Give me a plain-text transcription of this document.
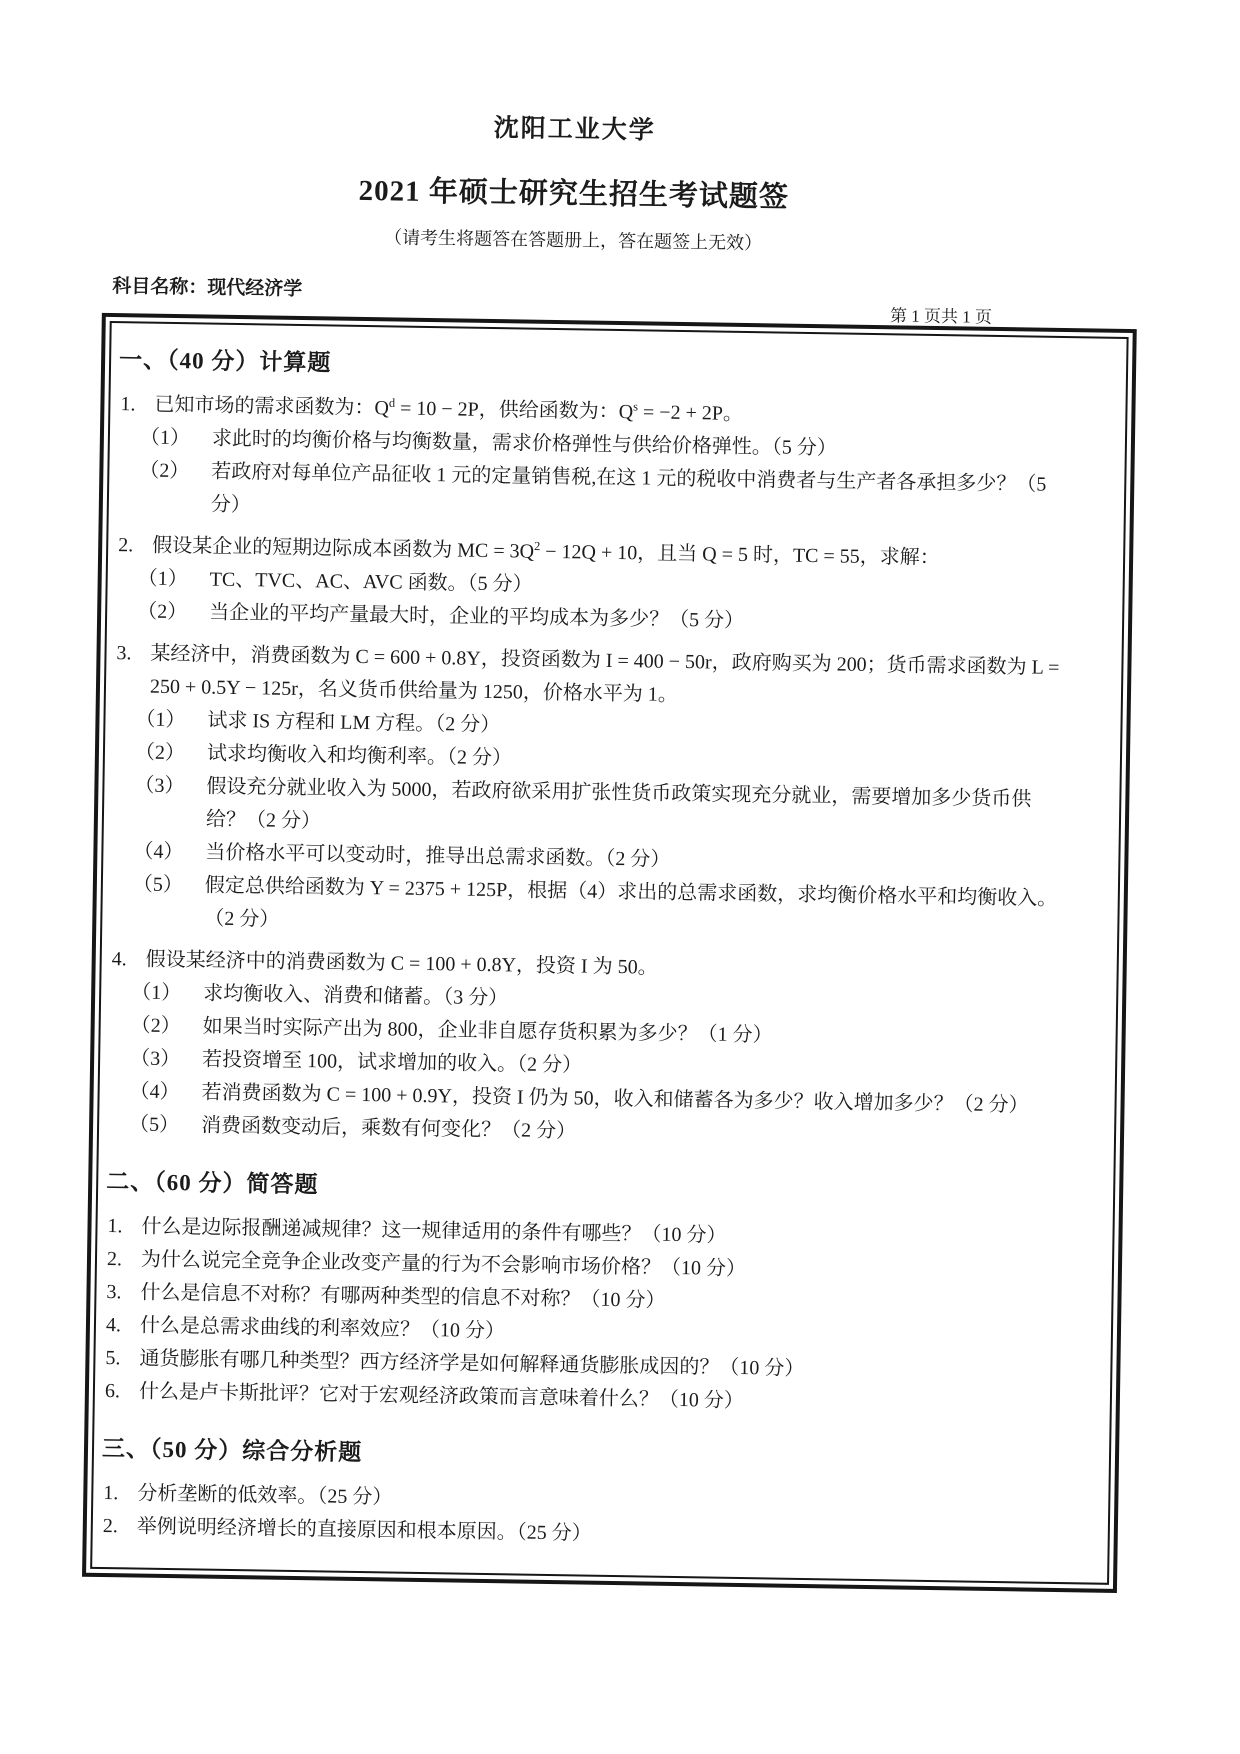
沈阳工业大学
2021 年硕士研究生招生考试题签
（请考生将题答在答题册上，答在题签上无效）
科目名称：现代经济学
第 1 页共 1 页
一、（40 分）计算题
1. 已知市场的需求函数为：$Q^d = 10 - 2P$，供给函数为：$Q^s = -2 + 2P$。
（1）	求此时的均衡价格与均衡数量，需求价格弹性与供给价格弹性。（5 分）
（2）	若政府对每单位产品征收 1 元的定量销售税,在这 1 元的税收中消费者与生产者各承担多少？（5 分）
2. 假设某企业的短期边际成本函数为 MC = $3Q^2 - 12Q + 10$，且当 Q = 5 时，TC = 55，求解：
（1）	TC、TVC、AC、AVC 函数。（5 分）
（2）	当企业的平均产量最大时，企业的平均成本为多少？（5 分）
3. 某经济中，消费函数为 C = 600 + 0.8Y，投资函数为 I = 400 − 50r，政府购买为 200；货币需求函数为 L = 250 + 0.5Y − 125r，名义货币供给量为 1250，价格水平为 1。
（1）	试求 IS 方程和 LM 方程。（2 分）
（2）	试求均衡收入和均衡利率。（2 分）
（3）	假设充分就业收入为 5000，若政府欲采用扩张性货币政策实现充分就业，需要增加多少货币供给？（2 分）
（4）	当价格水平可以变动时，推导出总需求函数。（2 分）
（5）	假定总供给函数为 Y = 2375 + 125P，根据（4）求出的总需求函数，求均衡价格水平和均衡收入。（2 分）
4. 假设某经济中的消费函数为 C = 100 + 0.8Y，投资 I 为 50。
（1）	求均衡收入、消费和储蓄。（3 分）
（2）	如果当时实际产出为 800，企业非自愿存货积累为多少？（1 分）
（3）	若投资增至 100，试求增加的收入。（2 分）
（4）	若消费函数为 C = 100 + 0.9Y，投资 I 仍为 50，收入和储蓄各为多少？收入增加多少？（2 分）
（5）	消费函数变动后，乘数有何变化？（2 分）
二、（60 分）简答题
1. 什么是边际报酬递减规律？这一规律适用的条件有哪些？（10 分）
2. 为什么说完全竞争企业改变产量的行为不会影响市场价格？（10 分）
3. 什么是信息不对称？有哪两种类型的信息不对称？（10 分）
4. 什么是总需求曲线的利率效应？（10 分）
5. 通货膨胀有哪几种类型？西方经济学是如何解释通货膨胀成因的？（10 分）
6. 什么是卢卡斯批评？它对于宏观经济政策而言意味着什么？（10 分）
三、（50 分）综合分析题
1. 分析垄断的低效率。（25 分）
2. 举例说明经济增长的直接原因和根本原因。（25 分）
